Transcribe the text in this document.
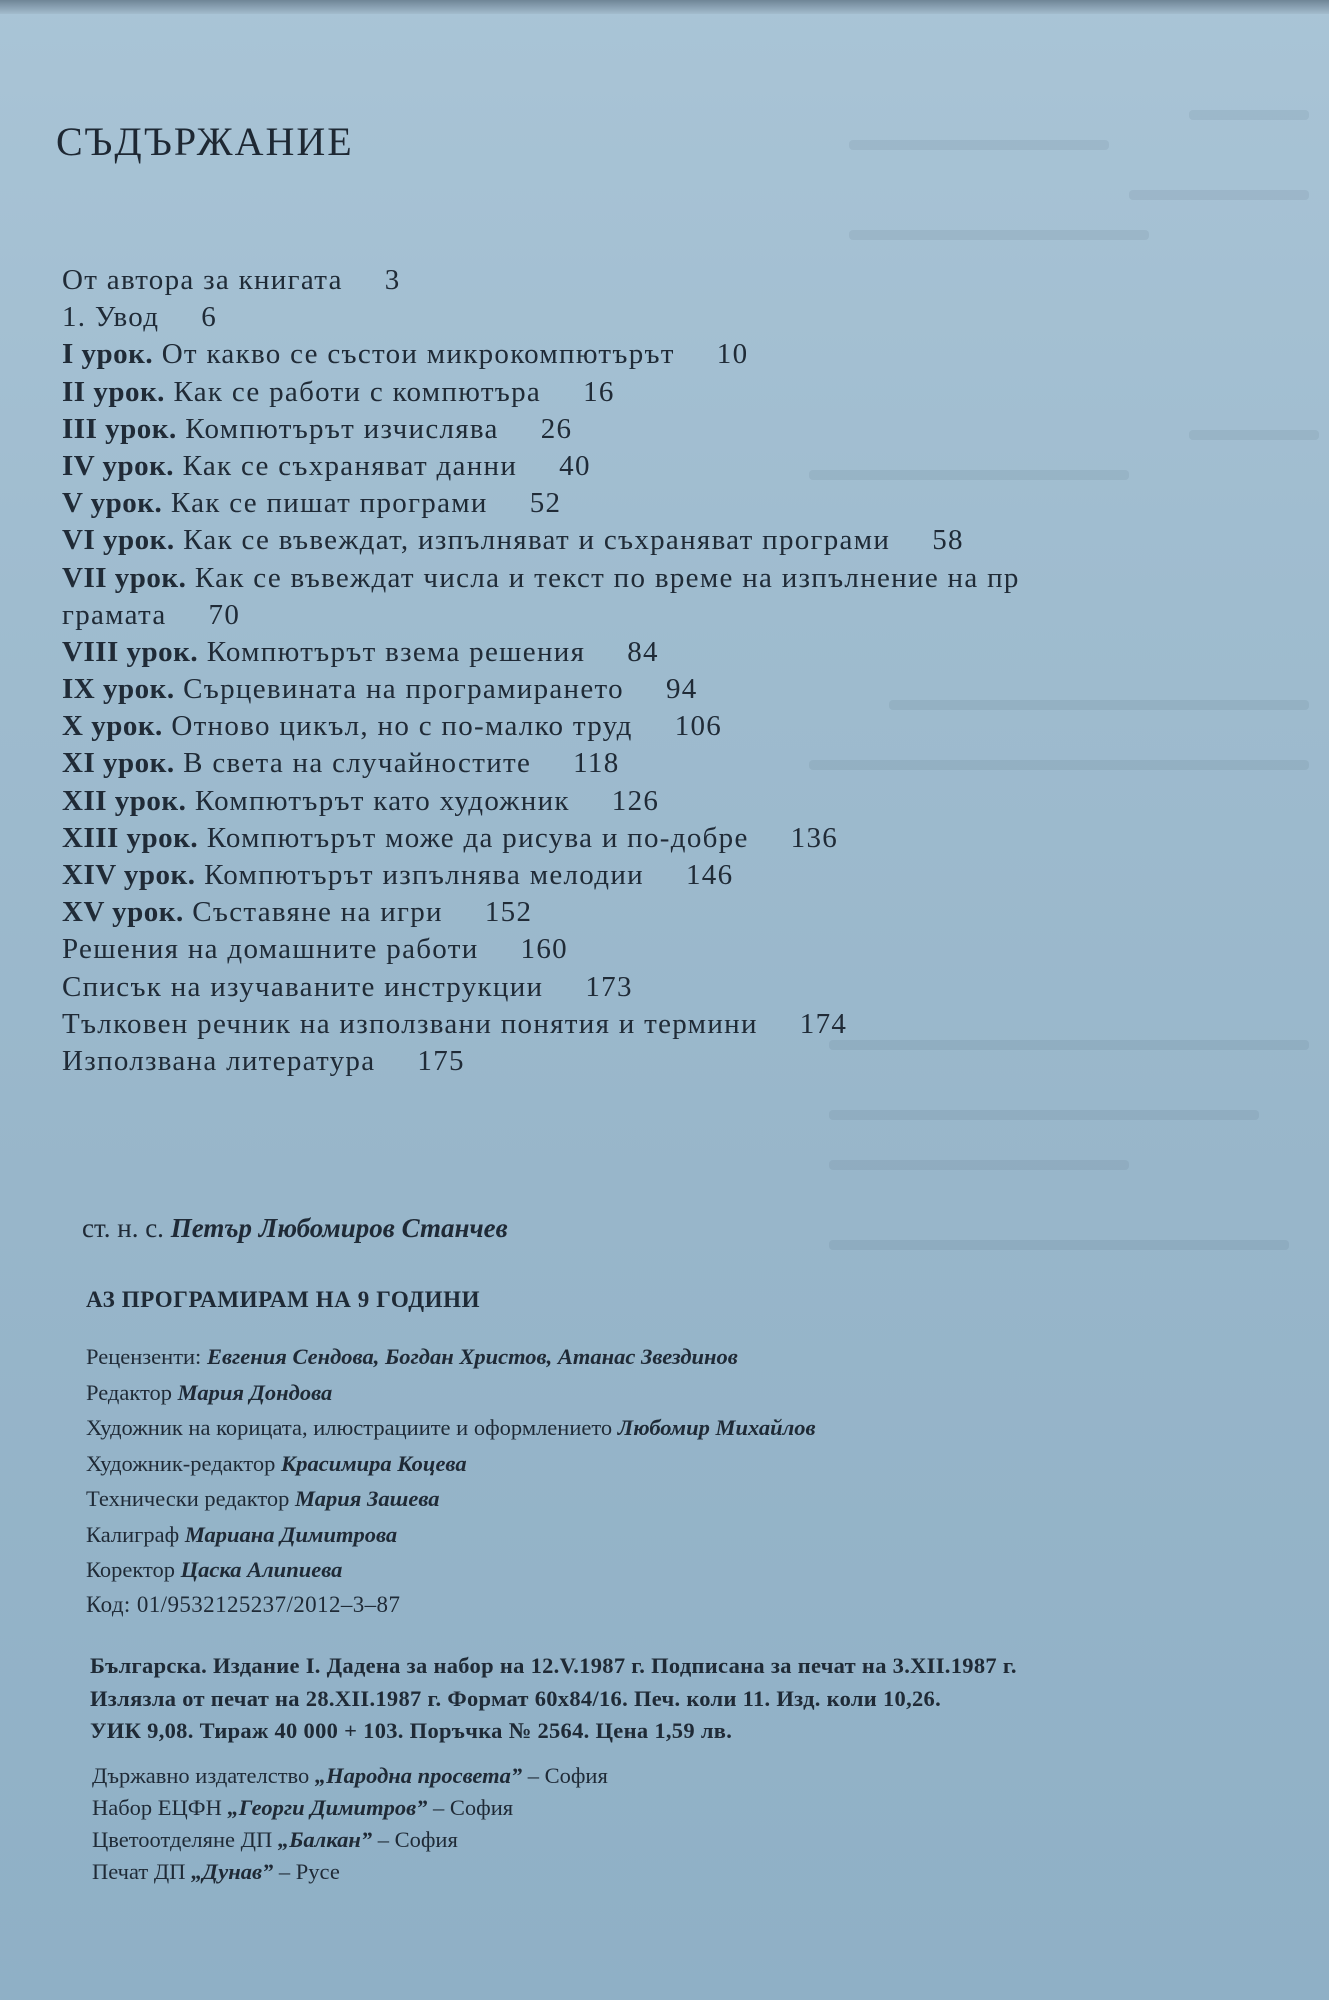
СЪДЪРЖАНИЕ
От автора за книгата 3
1. Увод 6
I урок. От какво се състои микрокомпютърът 10
II урок. Как се работи с компютъра 16
III урок. Компютърът изчислява 26
IV урок. Как се съхраняват данни 40
V урок. Как се пишат програми 52
VI урок. Как се въвеждат, изпълняват и съхраняват програми 58
VII урок. Как се въвеждат числа и текст по време на изпълнение на пр
грамата 70
VIII урок. Компютърът взема решения 84
IX урок. Сърцевината на програмирането 94
X урок. Отново цикъл, но с по-малко труд 106
XI урок. В света на случайностите 118
XII урок. Компютърът като художник 126
XIII урок. Компютърът може да рисува и по-добре 136
XIV урок. Компютърът изпълнява мелодии 146
XV урок. Съставяне на игри 152
Решения на домашните работи 160
Списък на изучаваните инструкции 173
Тълковен речник на използвани понятия и термини 174
Използвана литература 175
ст. н. с. Петър Любомиров Станчев
АЗ ПРОГРАМИРАМ НА 9 ГОДИНИ
Рецензенти: Евгения Сендова, Богдан Христов, Атанас Звездинов
Редактор Мария Дондова
Художник на корицата, илюстрациите и оформлението Любомир Михайлов
Художник-редактор Красимира Коцева
Технически редактор Мария Зашева
Калиграф Мариана Димитрова
Коректор Цаска Алипиева
Код: 01/9532125237/2012–3–87
Българска. Издание I. Дадена за набор на 12.V.1987 г. Подписана за печат на 3.XII.1987 г.
Излязла от печат на 28.XII.1987 г. Формат 60х84/16. Печ. коли 11. Изд. коли 10,26.
УИК 9,08. Тираж 40 000 + 103. Поръчка № 2564. Цена 1,59 лв.
Държавно издателство „Народна просвета” – София
Набор ЕЦФН „Георги Димитров” – София
Цветоотделяне ДП „Балкан” – София
Печат ДП „Дунав” – Русе
